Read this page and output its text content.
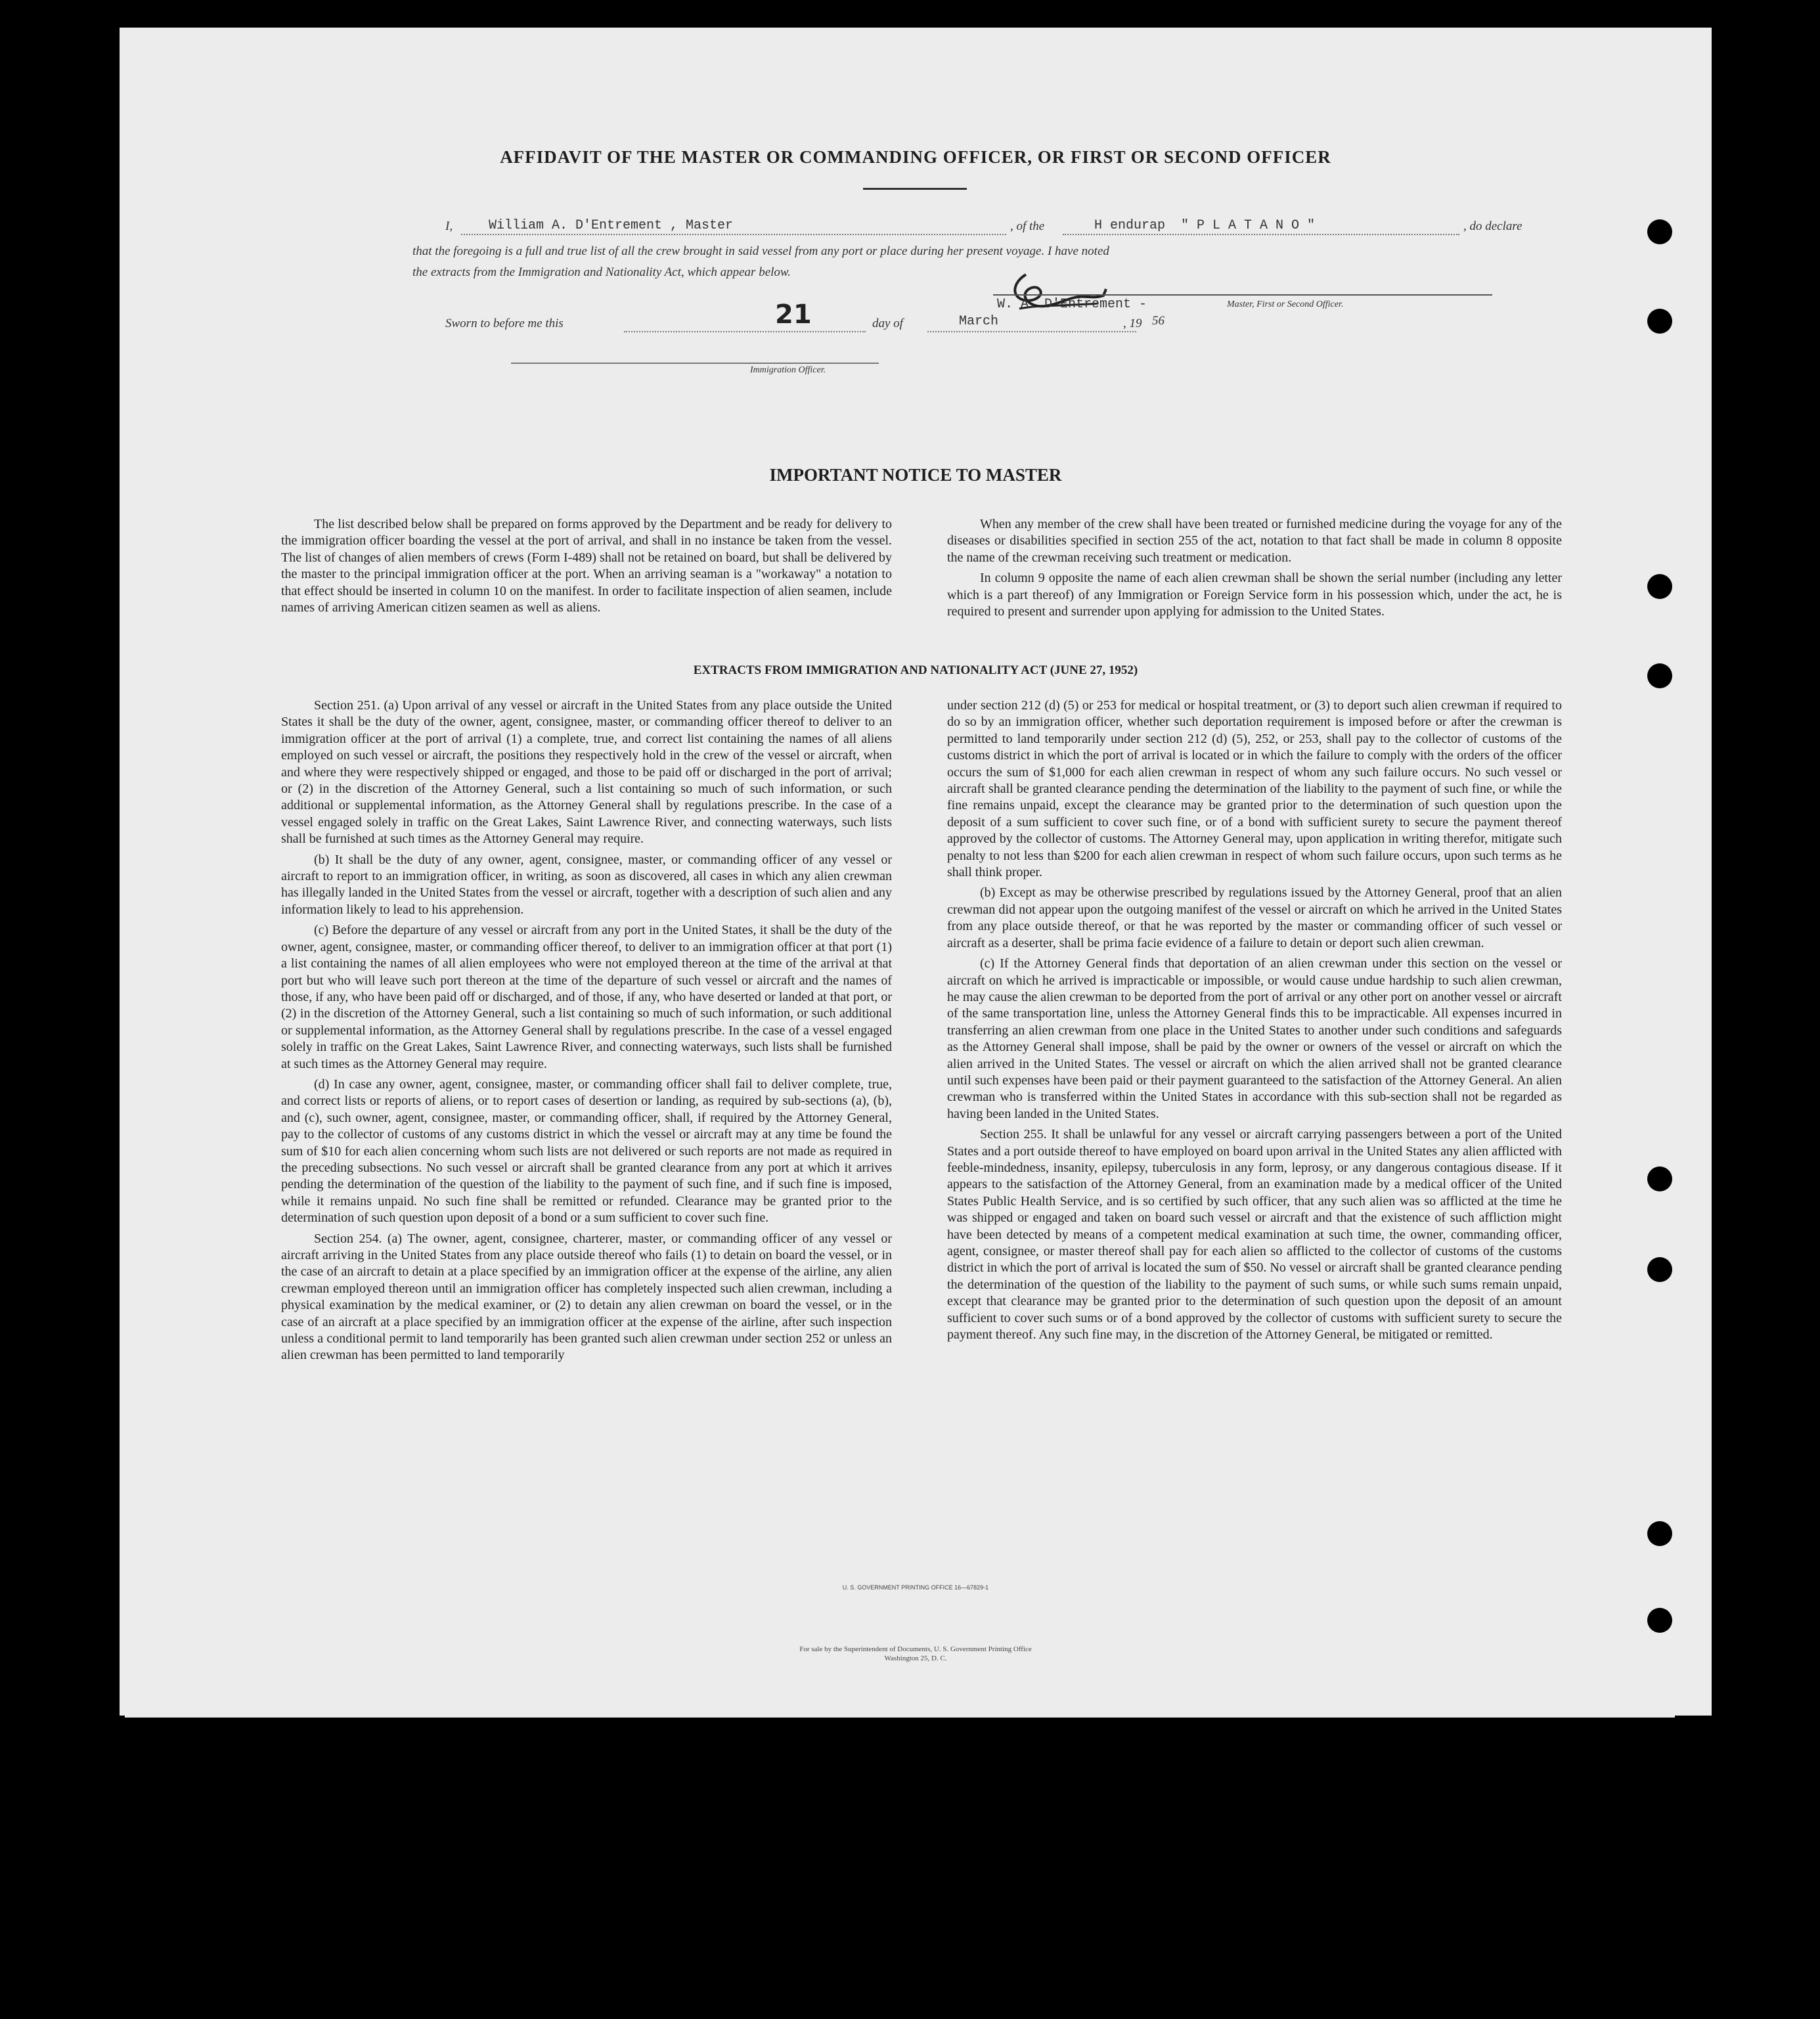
AFFIDAVIT OF THE MASTER OR COMMANDING OFFICER, OR FIRST OR SECOND OFFICER
I,	William A. D'Entrement , Master	, of the	H endurap  " P L A T A N O "	, do declare
that the foregoing is a full and true list of all the crew brought in said vessel from any port or place during her present voyage. I have noted
the extracts from the Immigration and Nationality Act, which appear below.
W. A. D'Entrement -	Master, First or Second Officer.
Sworn to before me this	21	day of	March	, 19 56
Immigration Officer.
IMPORTANT NOTICE TO MASTER

The list described below shall be prepared on forms approved by the Department and be ready for delivery to the immigration officer boarding the vessel at the port of arrival, and shall in no instance be taken from the vessel. The list of changes of alien members of crews (Form I-489) shall not be retained on board, but shall be delivered by the master to the principal immigration officer at the port. When an arriving seaman is a "workaway" a notation to that effect should be inserted in column 10 on the manifest. In order to facilitate inspection of alien seamen, include names of arriving American citizen seamen as well as aliens.

When any member of the crew shall have been treated or furnished medicine during the voyage for any of the diseases or disabilities specified in section 255 of the act, notation to that fact shall be made in column 8 opposite the name of the crewman receiving such treatment or medication.

In column 9 opposite the name of each alien crewman shall be shown the serial number (including any letter which is a part thereof) of any Immigration or Foreign Service form in his possession which, under the act, he is required to present and surrender upon applying for admission to the United States.

EXTRACTS FROM IMMIGRATION AND NATIONALITY ACT (JUNE 27, 1952)

Section 251. (a) Upon arrival of any vessel or aircraft in the United States from any place outside the United States it shall be the duty of the owner, agent, consignee, master, or commanding officer thereof to deliver to an immigration officer at the port of arrival (1) a complete, true, and correct list containing the names of all aliens employed on such vessel or aircraft, the positions they respectively hold in the crew of the vessel or aircraft, when and where they were respectively shipped or engaged, and those to be paid off or discharged in the port of arrival; or (2) in the discretion of the Attorney General, such a list containing so much of such information, or such additional or supplemental information, as the Attorney General shall by regulations prescribe. In the case of a vessel engaged solely in traffic on the Great Lakes, Saint Lawrence River, and connecting waterways, such lists shall be furnished at such times as the Attorney General may require.

(b) It shall be the duty of any owner, agent, consignee, master, or commanding officer of any vessel or aircraft to report to an immigration officer, in writing, as soon as discovered, all cases in which any alien crewman has illegally landed in the United States from the vessel or aircraft, together with a description of such alien and any information likely to lead to his apprehension.

(c) Before the departure of any vessel or aircraft from any port in the United States, it shall be the duty of the owner, agent, consignee, master, or commanding officer thereof, to deliver to an immigration officer at that port (1) a list containing the names of all alien employees who were not employed thereon at the time of the arrival at that port but who will leave such port thereon at the time of the departure of such vessel or aircraft and the names of those, if any, who have been paid off or discharged, and of those, if any, who have deserted or landed at that port, or (2) in the discretion of the Attorney General, such a list containing so much of such information, or such additional or supplemental information, as the Attorney General shall by regulations prescribe. In the case of a vessel engaged solely in traffic on the Great Lakes, Saint Lawrence River, and connecting waterways, such lists shall be furnished at such times as the Attorney General may require.

(d) In case any owner, agent, consignee, master, or commanding officer shall fail to deliver complete, true, and correct lists or reports of aliens, or to report cases of desertion or landing, as required by sub-sections (a), (b), and (c), such owner, agent, consignee, master, or commanding officer, shall, if required by the Attorney General, pay to the collector of customs of any customs district in which the vessel or aircraft may at any time be found the sum of $10 for each alien concerning whom such lists are not delivered or such reports are not made as required in the preceding subsections. No such vessel or aircraft shall be granted clearance from any port at which it arrives pending the determination of the question of the liability to the payment of such fine, and if such fine is imposed, while it remains unpaid. No such fine shall be remitted or refunded. Clearance may be granted prior to the determination of such question upon deposit of a bond or a sum sufficient to cover such fine.

Section 254. (a) The owner, agent, consignee, charterer, master, or commanding officer of any vessel or aircraft arriving in the United States from any place outside thereof who fails (1) to detain on board the vessel, or in the case of an aircraft to detain at a place specified by an immigration officer at the expense of the airline, any alien crewman employed thereon until an immigration officer has completely inspected such alien crewman, including a physical examination by the medical examiner, or (2) to detain any alien crewman on board the vessel, or in the case of an aircraft at a place specified by an immigration officer at the expense of the airline, after such inspection unless a conditional permit to land temporarily has been granted such alien crewman under section 252 or unless an alien crewman has been permitted to land temporarily

under section 212 (d) (5) or 253 for medical or hospital treatment, or (3) to deport such alien crewman if required to do so by an immigration officer, whether such deportation requirement is imposed before or after the crewman is permitted to land temporarily under section 212 (d) (5), 252, or 253, shall pay to the collector of customs of the customs district in which the port of arrival is located or in which the failure to comply with the orders of the officer occurs the sum of $1,000 for each alien crewman in respect of whom any such failure occurs. No such vessel or aircraft shall be granted clearance pending the determination of the liability to the payment of such fine, or while the fine remains unpaid, except the clearance may be granted prior to the determination of such question upon the deposit of a sum sufficient to cover such fine, or of a bond with sufficient surety to secure the payment thereof approved by the collector of customs. The Attorney General may, upon application in writing therefor, mitigate such penalty to not less than $200 for each alien crewman in respect of whom such failure occurs, upon such terms as he shall think proper.

(b) Except as may be otherwise prescribed by regulations issued by the Attorney General, proof that an alien crewman did not appear upon the outgoing manifest of the vessel or aircraft on which he arrived in the United States from any place outside thereof, or that he was reported by the master or commanding officer of such vessel or aircraft as a deserter, shall be prima facie evidence of a failure to detain or deport such alien crewman.

(c) If the Attorney General finds that deportation of an alien crewman under this section on the vessel or aircraft on which he arrived is impracticable or impossible, or would cause undue hardship to such alien crewman, he may cause the alien crewman to be deported from the port of arrival or any other port on another vessel or aircraft of the same transportation line, unless the Attorney General finds this to be impracticable. All expenses incurred in transferring an alien crewman from one place in the United States to another under such conditions and safeguards as the Attorney General shall impose, shall be paid by the owner or owners of the vessel or aircraft on which the alien arrived in the United States. The vessel or aircraft on which the alien arrived shall not be granted clearance until such expenses have been paid or their payment guaranteed to the satisfaction of the Attorney General. An alien crewman who is transferred within the United States in accordance with this sub-section shall not be regarded as having been landed in the United States.

Section 255. It shall be unlawful for any vessel or aircraft carrying passengers between a port of the United States and a port outside thereof to have employed on board upon arrival in the United States any alien afflicted with feeble-mindedness, insanity, epilepsy, tuberculosis in any form, leprosy, or any dangerous contagious disease. If it appears to the satisfaction of the Attorney General, from an examination made by a medical officer of the United States Public Health Service, and is so certified by such officer, that any such alien was so afflicted at the time he was shipped or engaged and taken on board such vessel or aircraft and that the existence of such affliction might have been detected by means of a competent medical examination at such time, the owner, commanding officer, agent, consignee, or master thereof shall pay for each alien so afflicted to the collector of customs of the customs district in which the port of arrival is located the sum of $50. No vessel or aircraft shall be granted clearance pending the determination of the question of the liability to the payment of such sums, or while such sums remain unpaid, except that clearance may be granted prior to the determination of such question upon the deposit of an amount sufficient to cover such sums or of a bond approved by the collector of customs with sufficient surety to secure the payment thereof. Any such fine may, in the discretion of the Attorney General, be mitigated or remitted.

U. S. GOVERNMENT PRINTING OFFICE 16—67829-1
For sale by the Superintendent of Documents, U. S. Government Printing Office
Washington 25, D. C.
